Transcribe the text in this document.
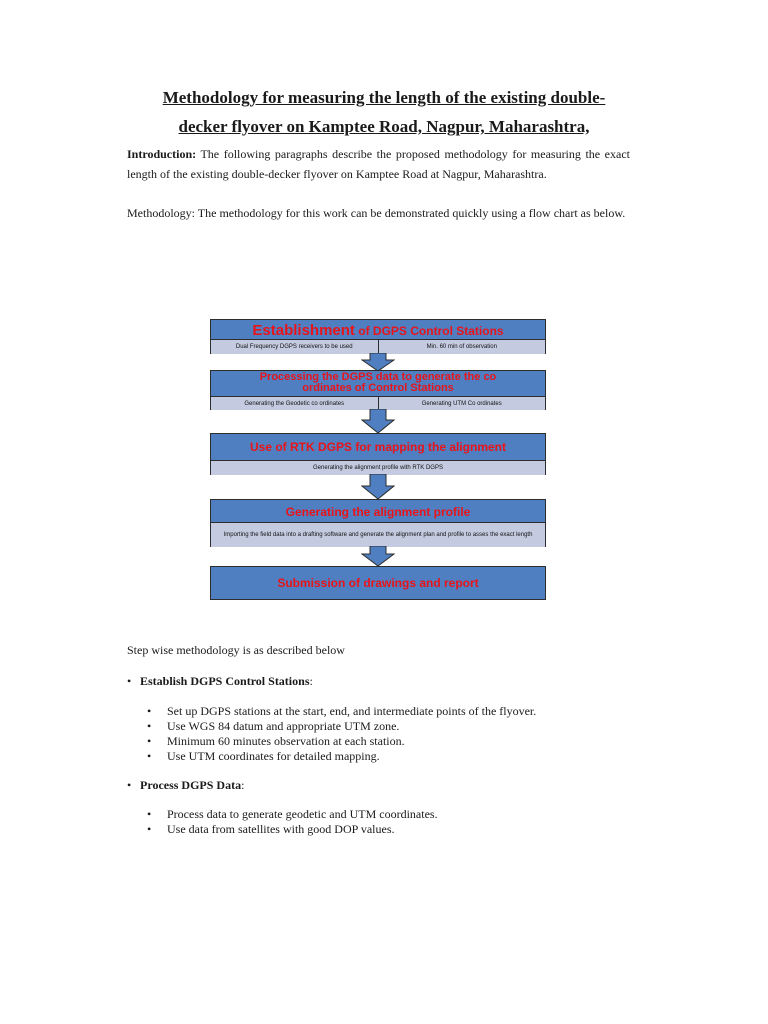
Methodology for measuring the length of the existing double-
decker flyover on Kamptee Road, Nagpur, Maharashtra,

Introduction: The following paragraphs describe the proposed methodology for measuring the exact length of the existing double-decker flyover on Kamptee Road at Nagpur, Maharashtra.

Methodology: The methodology for this work can be demonstrated quickly using a flow chart as below.

Establishment of DGPS Control Stations
Dual Frequency DGPS receivers to be used	Min. 60 min of observation
Processing the DGPS data to generate the co ordinates of Control Stations
Generating the Geodetic co ordinates	Generating UTM Co ordinates
Use of RTK DGPS for mapping the alignment
Generating the alignment profile with RTK DGPS
Generating the alignment profile
Importing the field data into a drafting software and generate the alignment plan and profile to asses the exact length
Submission of drawings and report

Step wise methodology is as described below

• Establish DGPS Control Stations:

•	Set up DGPS stations at the start, end, and intermediate points of the flyover.
•	Use WGS 84 datum and appropriate UTM zone.
•	Minimum 60 minutes observation at each station.
•	Use UTM coordinates for detailed mapping.

• Process DGPS Data:

•	Process data to generate geodetic and UTM coordinates.
•	Use data from satellites with good DOP values.
